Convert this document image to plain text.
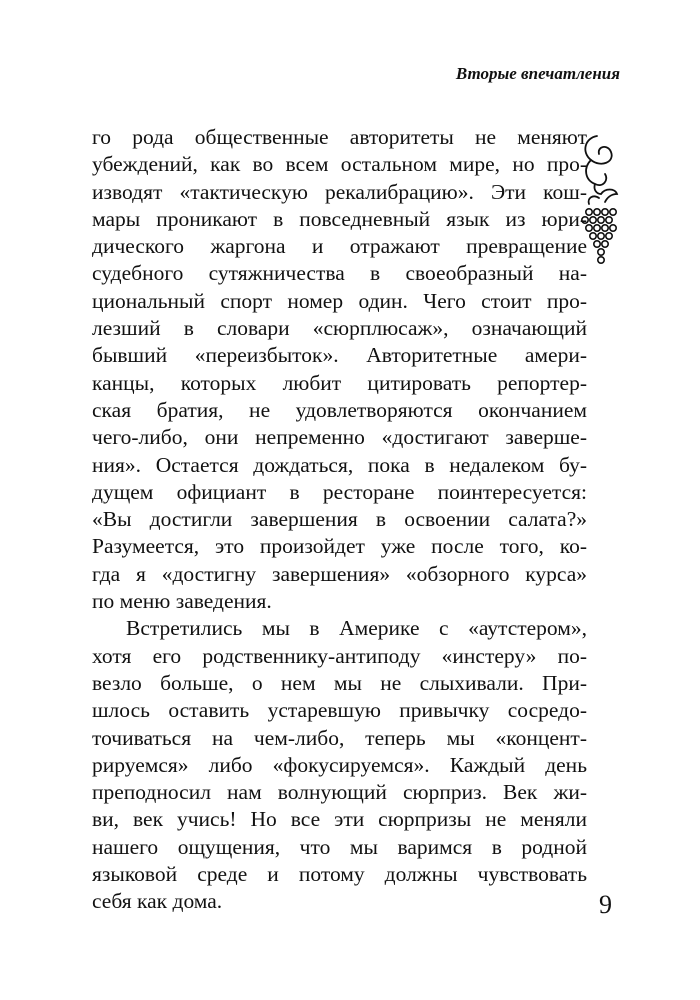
Вторые впечатления
го рода общественные авторитеты не меняют
убеждений, как во всем остальном мире, но про-
изводят «тактическую рекалибрацию». Эти кош-
мары проникают в повседневный язык из юри-
дического жаргона и отражают превращение
судебного сутяжничества в своеобразный на-
циональный спорт номер один. Чего стоит про-
лезший в словари «сюрплюсаж», означающий
бывший «переизбыток». Авторитетные амери-
канцы, которых любит цитировать репортер-
ская братия, не удовлетворяются окончанием
чего-либо, они непременно «достигают заверше-
ния». Остается дождаться, пока в недалеком бу-
дущем официант в ресторане поинтересуется:
«Вы достигли завершения в освоении салата?»
Разумеется, это произойдет уже после того, ко-
гда я «достигну завершения» «обзорного курса»
по меню заведения.
Встретились мы в Америке с «аутстером»,
хотя его родственнику-антиподу «инстеру» по-
везло больше, о нем мы не слыхивали. При-
шлось оставить устаревшую привычку сосредо-
точиваться на чем-либо, теперь мы «концент-
рируемся» либо «фокусируемся». Каждый день
преподносил нам волнующий сюрприз. Век жи-
ви, век учись! Но все эти сюрпризы не меняли
нашего ощущения, что мы варимся в родной
языковой среде и потому должны чувствовать
себя как дома.	9
